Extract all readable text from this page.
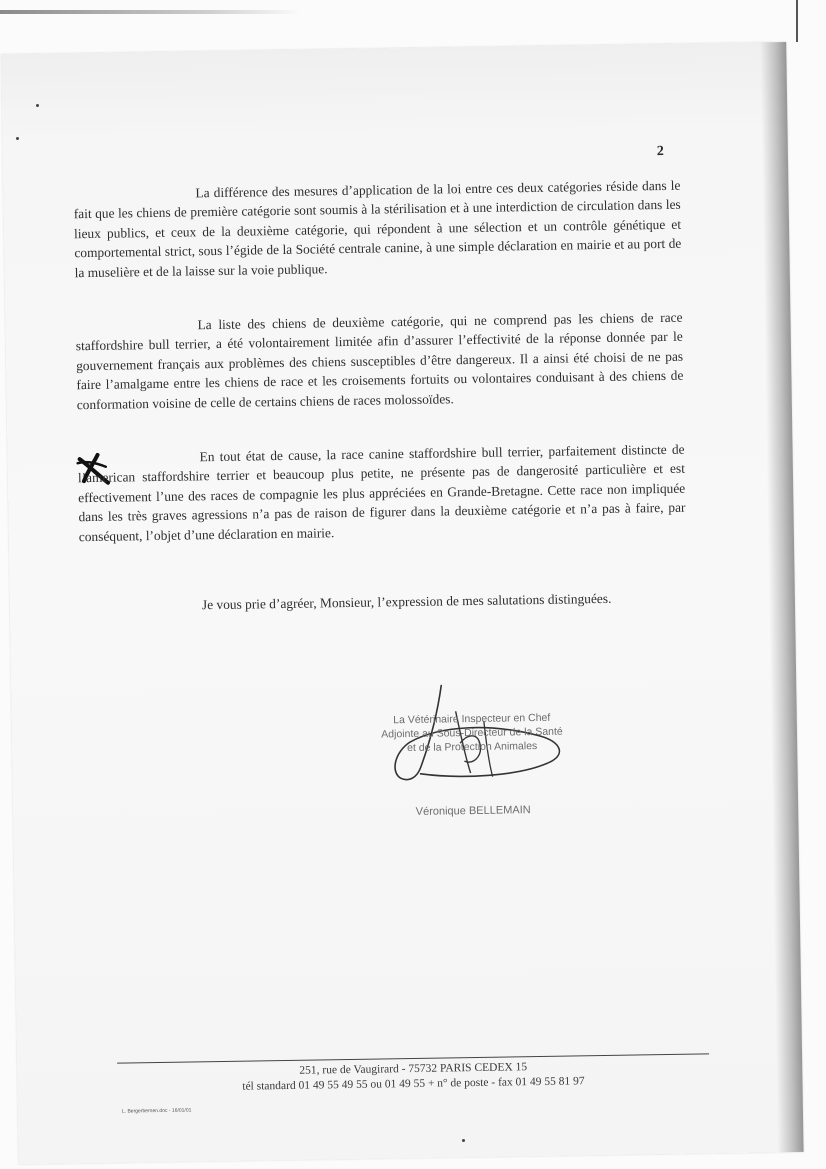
2

La différence des mesures d’application de la loi entre ces deux catégories réside dans le fait que les chiens de première catégorie sont soumis à la stérilisation et à une interdiction de circulation dans les lieux publics, et ceux de la deuxième catégorie, qui répondent à une sélection et un contrôle génétique et comportemental strict, sous l’égide de la Société centrale canine, à une simple déclaration en mairie et au port de la muselière et de la laisse sur la voie publique.

La liste des chiens de deuxième catégorie, qui ne comprend pas les chiens de race staffordshire bull terrier, a été volontairement limitée afin d’assurer l’effectivité de la réponse donnée par le gouvernement français aux problèmes des chiens susceptibles d’être dangereux. Il a ainsi été choisi de ne pas faire l’amalgame entre les chiens de race et les croisements fortuits ou volontaires conduisant à des chiens de conformation voisine de celle de certains chiens de races molossoïdes.

En tout état de cause, la race canine staffordshire bull terrier, parfaitement distincte de l’american staffordshire terrier et beaucoup plus petite, ne présente pas de dangerosité particulière et est effectivement l’une des races de compagnie les plus appréciées en Grande-Bretagne. Cette race non impliquée dans les très graves agressions n’a pas de raison de figurer dans la deuxième catégorie et n’a pas à faire, par conséquent, l’objet d’une déclaration en mairie.

Je vous prie d’agréer, Monsieur, l’expression de mes salutations distinguées.

La Vétérinaire Inspecteur en Chef

Adjointe au Sous-Directeur de la Santé

et de la Protection Animales

Véronique BELLEMAIN

251, rue de Vaugirard - 75732 PARIS CEDEX 15

tél standard 01 49 55 49 55 ou 01 49 55 + n° de poste - fax 01 49 55 81 97

L. Bergerbernen.doc - 16/01/01
